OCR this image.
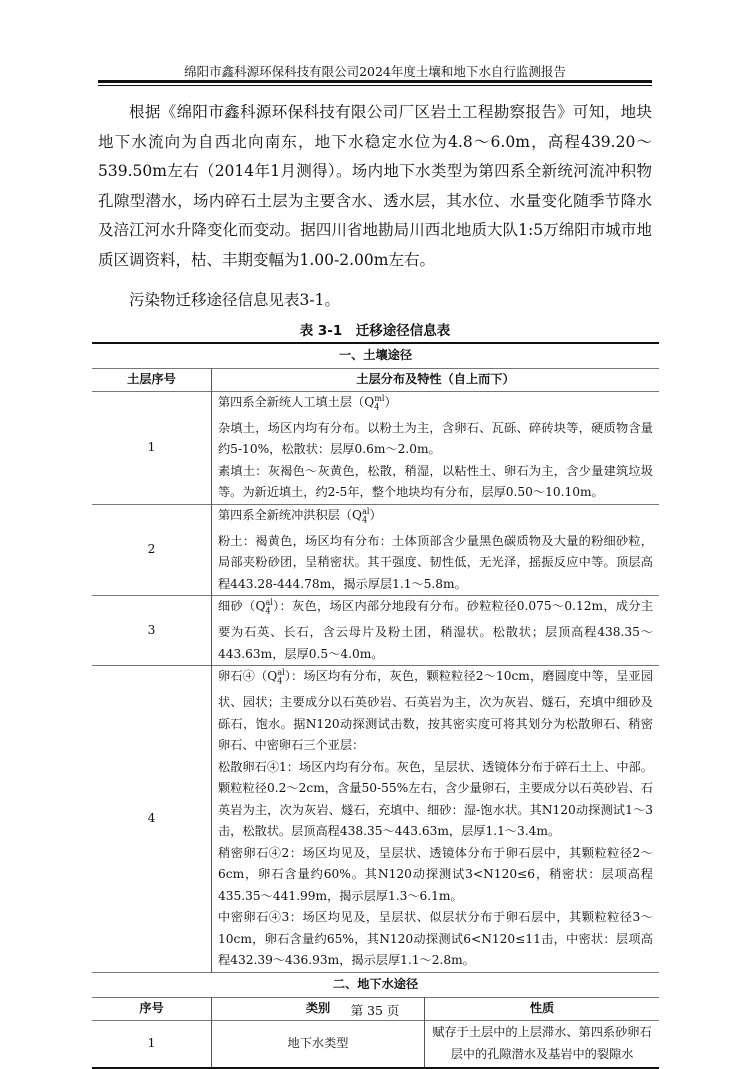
绵阳市鑫科源环保科技有限公司2024年度土壤和地下水自行监测报告
根据《绵阳市鑫科源环保科技有限公司厂区岩土工程勘察报告》可知，地块地下水流向为自西北向南东，地下水稳定水位为4.8～6.0m，高程439.20～539.50m左右（2014年1月测得）。场内地下水类型为第四系全新统河流冲积物孔隙型潜水，场内碎石土层为主要含水、透水层，其水位、水量变化随季节降水及涪江河水升降变化而变动。据四川省地勘局川西北地质大队1:5万绵阳市城市地质区调资料，枯、丰期变幅为1.00-2.00m左右。
污染物迁移途径信息见表3-1。
表 3-1　迁移途径信息表
一、土壤途径		
土层序号	土层分布及特性（自上而下）	
1	第四系全新统人工填土层$(Q_4^{ml})$
杂填土，场区内均有分布。以粉土为主，含卵石、瓦砾、碎砖块等，硬质物含量约5-10%，松散状：层厚0.6m～2.0m。
素填土：灰褐色～灰黄色，松散，稍湿，以粘性土、卵石为主，含少量建筑垃圾等。为新近填土，约2-5年，整个地块均有分布，层厚0.50～10.10m。	

2	第四系全新统冲洪积层$(Q_4^{al})$
粉土：褐黄色，场区均有分布：土体顶部含少量黑色碳质物及大量的粉细砂粒，局部夹粉砂团，呈稍密状。其干强度、韧性低，无光泽，摇振反应中等。顶层高程443.28-444.78m，揭示厚层1.1～5.8m。	

3	细砂$(Q_4^{al})$：灰色，场区内部分地段有分布。砂粒粒径0.075～0.12m，成分主要为石英、长石，含云母片及粉土团，稍湿状。松散状；层顶高程438.35～443.63m，层厚0.5～4.0m。	

4	卵石$④(Q_4^{al})$：场区均有分布，灰色，颗粒粒径2～10cm，磨圆度中等，呈亚园状、园状；主要成分以石英砂岩、石英岩为主，次为灰岩、燧石，充填中细砂及砾石，饱水。据N120动探测试击数，按其密实度可将其划分为松散卵石、稍密卵石、中密卵石三个亚层：
松散卵石④1：场区内均有分布。灰色，呈层状、透镜体分布于碎石土上、中部。颗粒粒径0.2～2cm，含量50-55%左右，含少量卵石，主要成分以石英砂岩、石英岩为主，次为灰岩、燧石，充填中、细砂：湿-饱水状。其N120动探测试1～3击，松散状。层顶高程438.35～443.63m，层厚1.1～3.4m。
稍密卵石④2：场区均见及，呈层状、透镜体分布于卵石层中，其颗粒粒径2～6cm，卵石含量约60%。其N120动探测试3<N120≤6，稍密状：层项高程435.35～441.99m，揭示层厚1.3～6.1m。
中密卵石④3：场区均见及，呈层状、似层状分布于卵石层中，其颗粒粒径3～10cm，卵石含量约65%，其N120动探测试6<N120≤11击，中密状：层项高程432.39～436.93m，揭示层厚1.1～2.8m。	

二、地下水途径		
序号	类别	性质
1	地下水类型	赋存于土层中的上层滞水、第四系砂卵石层中的孔隙潜水及基岩中的裂隙水
第 35 页
